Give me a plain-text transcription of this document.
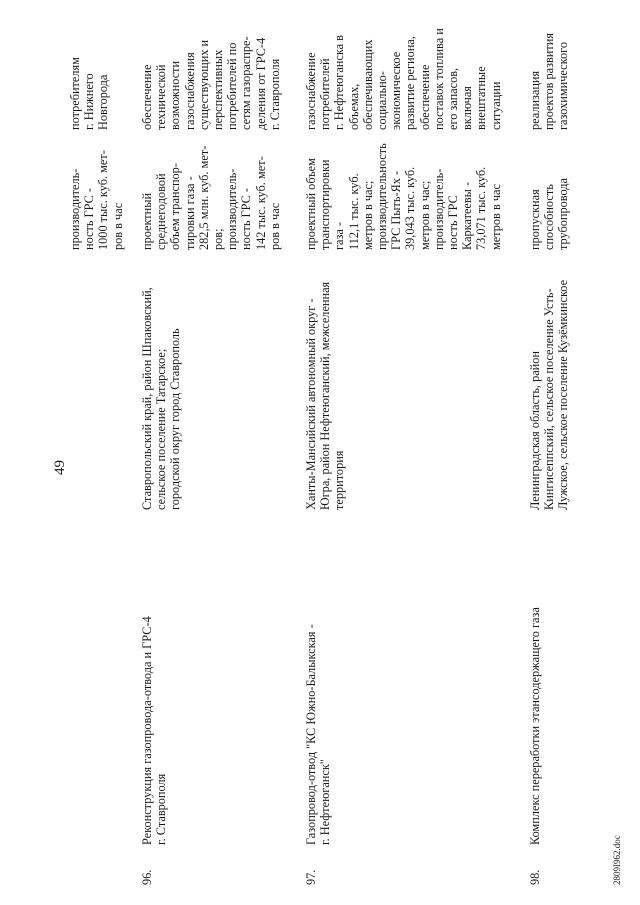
49
производитель-
ность ГРС -
1000 тыс. куб. мет-
ров в час
потребителям
г. Нижнего
Новгорода
96.
Реконструкция газопровода-отвода и ГРС-4
г. Ставрополя
Ставропольский край, район Шпаковский,
сельское поселение Татарское;
городской округ город Ставрополь
проектный
среднегодовой
объем транспор-
тировки газа -
282,5 млн. куб. мет-
ров;
производитель-
ность ГРС -
142 тыс. куб. мет-
ров в час
обеспечение
технической
возможности
газоснабжения
существующих и
перспективных
потребителей по
сетям газораспре-
деления от ГРС-4
г. Ставрополя
97.
Газопровод-отвод "КС Южно-Балыкская -
г. Нефтеюганск"
Ханты-Мансийский автономный округ -
Югра, район Нефтеюганский, межселенная
территория
проектный объем
транспортировки
газа -
112,1 тыс. куб.
метров в час;
производительность
ГРС Пыть-Ях -
39,043 тыс. куб.
метров в час;
производитель-
ность ГРС
Каркатеевы -
73,071 тыс. куб.
метров в час
газоснабжение
потребителей
г. Нефтеюганска в
объемах,
обеспечивающих
социально-
экономическое
развитие региона,
обеспечение
поставок топлива и
его запасов,
включая
внештатные
ситуации
98.
Комплекс переработки этансодержащего газа
Ленинградская область, район
Кингисеппский, сельское поселение Усть-
Лужское, сельское поселение Кузёмкинское
пропускная
способность
трубопровода
реализация
проектов развития
газохимического
2809I962.doc
